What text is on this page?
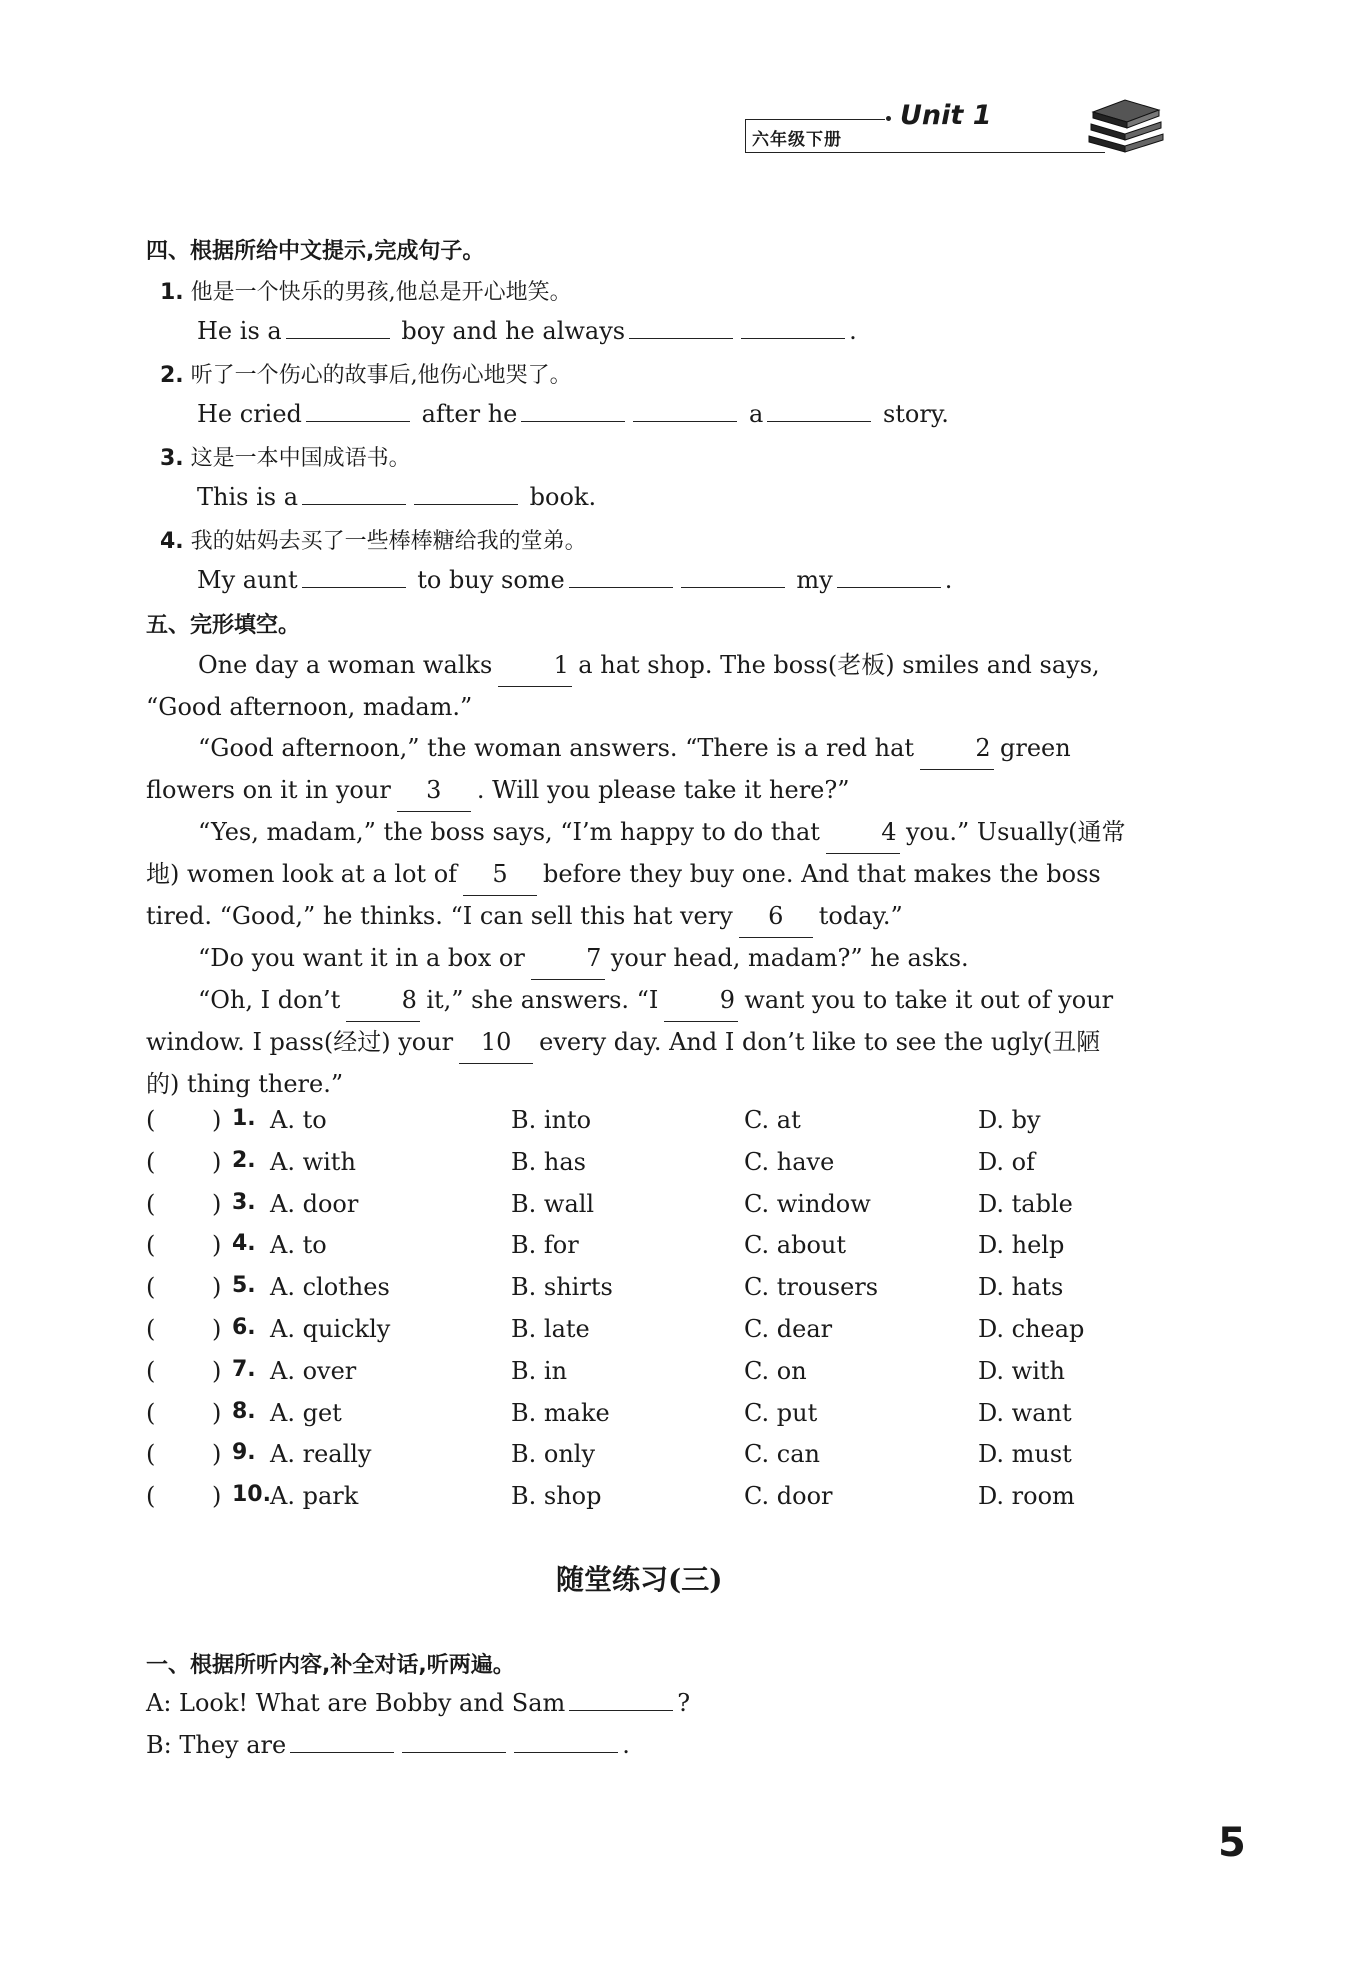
六年级下册
Unit 1
四、根据所给中文提示,完成句子。
1. 他是一个快乐的男孩,他总是开心地笑。
He is a	boy and he always	.
2. 听了一个伤心的故事后,他伤心地哭了。
He cried	after he	a	story.
3. 这是一本中国成语书。
This is a	book.
4. 我的姑妈去买了一些棒棒糖给我的堂弟。
My aunt	to buy some	my	.
五、完形填空。

One day a woman walks	1 a hat shop. The boss(老板) smiles and says,

“Good afternoon, madam.”

“Good afternoon,” the woman answers. “There is a red hat	2 green

flowers on it in your 3 . Will you please take it here?”

“Yes, madam,” the boss says, “I’m happy to do that	4 you.” Usually(通常

地) women look at a lot of 5 before they buy one. And that makes the boss

tired. “Good,” he thinks. “I can sell this hat very 6 today.”

“Do you want it in a box or	7 your head, madam?” he asks.

“Oh, I don’t	8 it,” she answers. “I	9 want you to take it out of your

window. I pass(经过) your 10 every day. And I don’t like to see the ugly(丑陋

的) thing there.”

( ) 1. A. to	B. into	C. at	D. by
( ) 2. A. with	B. has	C. have	D. of
( ) 3. A. door	B. wall	C. window	D. table
( ) 4. A. to	B. for	C. about	D. help
( ) 5. A. clothes	B. shirts	C. trousers	D. hats
( ) 6. A. quickly	B. late	C. dear	D. cheap
( ) 7. A. over	B. in	C. on	D. with
( ) 8. A. get	B. make	C. put	D. want
( ) 9. A. really	B. only	C. can	D. must
( ) 10. A. park	B. shop	C. door	D. room
随堂练习(三)
一、根据所听内容,补全对话,听两遍。
A: Look! What are Bobby and Sam	?
B: They are	.
5
